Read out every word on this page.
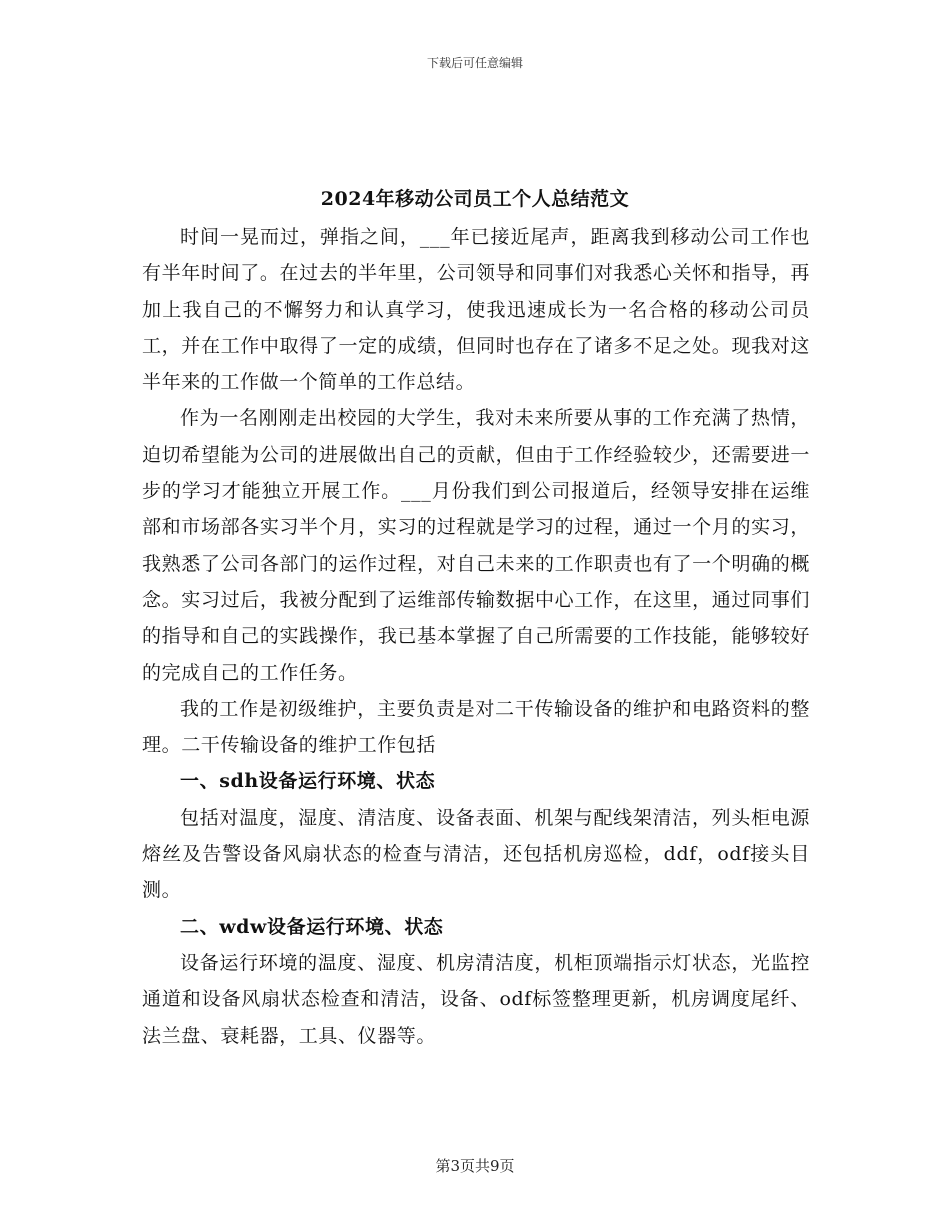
下载后可任意编辑
2024年移动公司员工个人总结范文

时间一晃而过，弹指之间，___年已接近尾声，距离我到移动公司工作也有半年时间了。在过去的半年里，公司领导和同事们对我悉心关怀和指导，再加上我自己的不懈努力和认真学习，使我迅速成长为一名合格的移动公司员工，并在工作中取得了一定的成绩，但同时也存在了诸多不足之处。现我对这半年来的工作做一个简单的工作总结。

作为一名刚刚走出校园的大学生，我对未来所要从事的工作充满了热情，迫切希望能为公司的进展做出自己的贡献，但由于工作经验较少，还需要进一步的学习才能独立开展工作。___月份我们到公司报道后，经领导安排在运维部和市场部各实习半个月，实习的过程就是学习的过程，通过一个月的实习，我熟悉了公司各部门的运作过程，对自己未来的工作职责也有了一个明确的概念。实习过后，我被分配到了运维部传输数据中心工作，在这里，通过同事们的指导和自己的实践操作，我已基本掌握了自己所需要的工作技能，能够较好的完成自己的工作任务。

我的工作是初级维护，主要负责是对二干传输设备的维护和电路资料的整理。二干传输设备的维护工作包括

一、sdh设备运行环境、状态

包括对温度，湿度、清洁度、设备表面、机架与配线架清洁，列头柜电源熔丝及告警设备风扇状态的检查与清洁，还包括机房巡检，ddf，odf接头目测。

二、wdw设备运行环境、状态

设备运行环境的温度、湿度、机房清洁度，机柜顶端指示灯状态，光监控通道和设备风扇状态检查和清洁，设备、odf标签整理更新，机房调度尾纤、法兰盘、衰耗器，工具、仪器等。

第3页共9页
